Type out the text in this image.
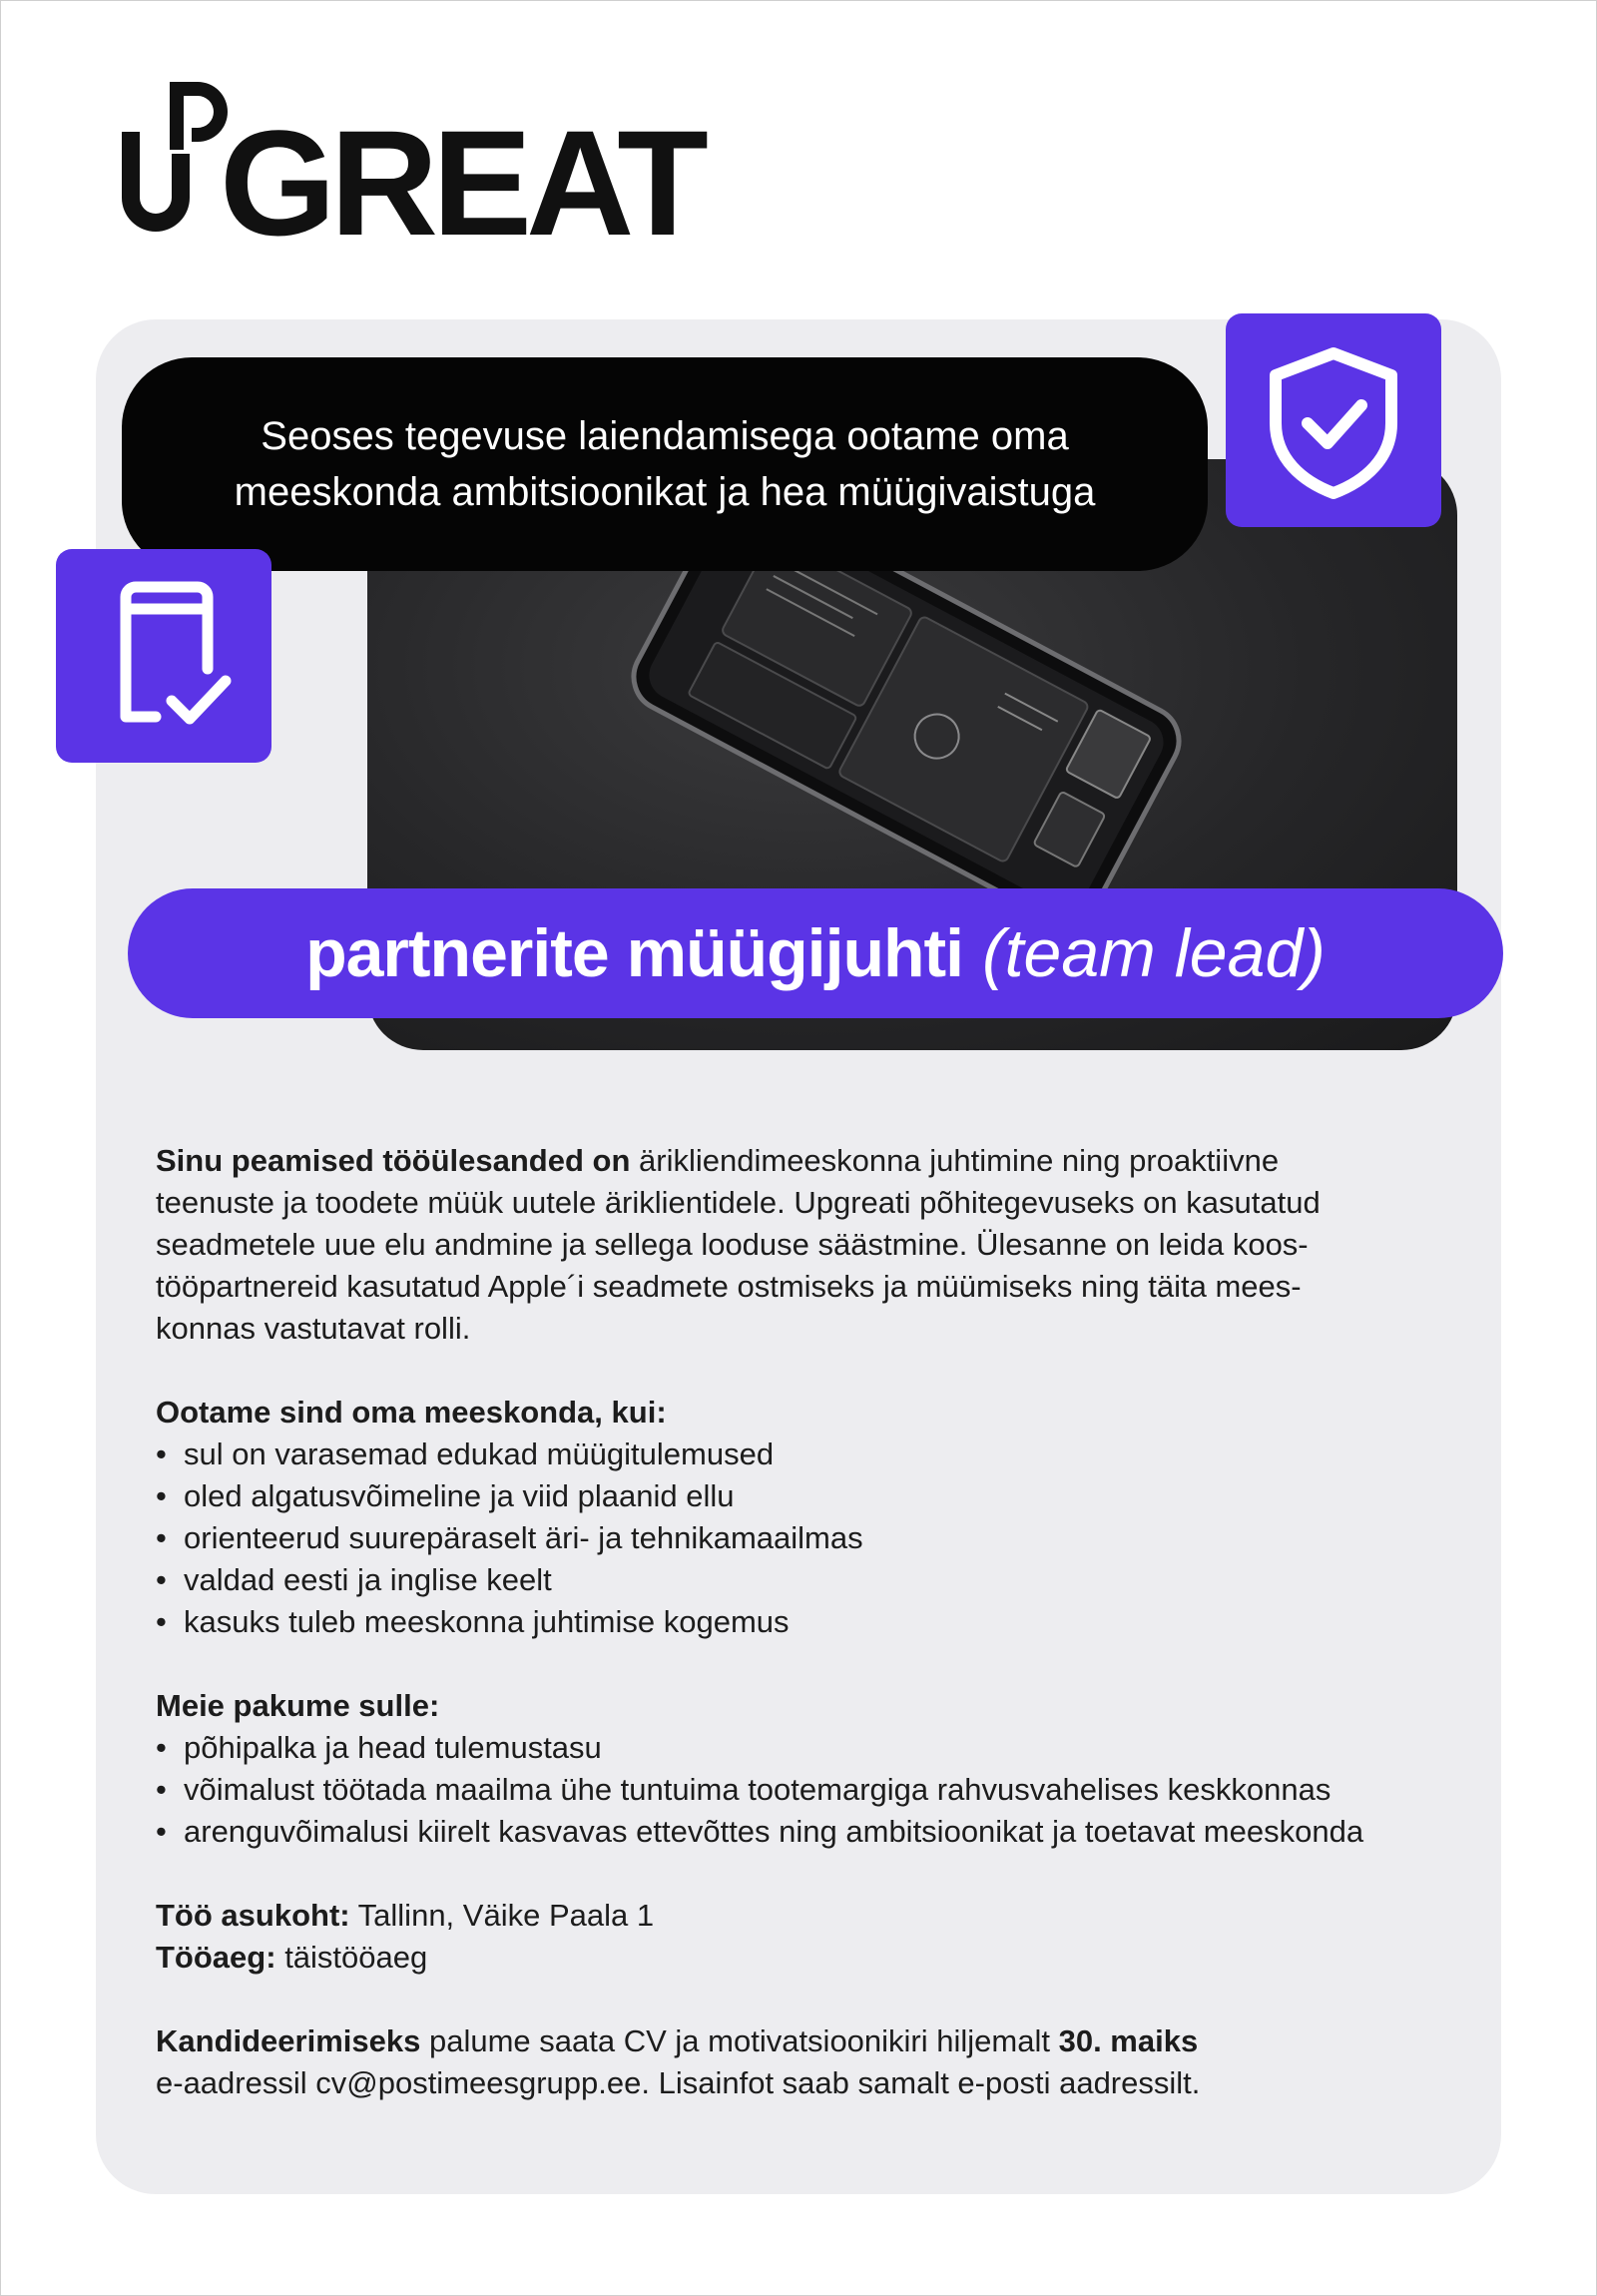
GREAT
Seoses tegevuse laiendamisega ootame oma meeskonda ambitsioonikat ja hea müügivaistuga
partnerite müügijuhti (team lead)

Sinu peamised tööülesanded on ärikliendimeeskonna juhtimine ning proaktiivne
teenuste ja toodete müük uutele äriklientidele. Upgreati põhitegevuseks on kasutatud
seadmetele uue elu andmine ja sellega looduse säästmine. Ülesanne on leida koos-
tööpartnereid kasutatud Apple´i seadmete ostmiseks ja müümiseks ning täita mees-
konnas vastutavat rolli.

Ootame sind oma meeskonda, kui:

• sul on varasemad edukad müügitulemused
• oled algatusvõimeline ja viid plaanid ellu
• orienteerud suurepäraselt äri- ja tehnikamaailmas
• valdad eesti ja inglise keelt
• kasuks tuleb meeskonna juhtimise kogemus

Meie pakume sulle:

• põhipalka ja head tulemustasu
• võimalust töötada maailma ühe tuntuima tootemargiga rahvusvahelises keskkonnas
• arenguvõimalusi kiirelt kasvavas ettevõttes ning ambitsioonikat ja toetavat meeskonda

Töö asukoht: Tallinn, Väike Paala 1

Tööaeg: täistööaeg

Kandideerimiseks palume saata CV ja motivatsioonikiri hiljemalt 30. maiks
e-aadressil cv@postimeesgrupp.ee. Lisainfot saab samalt e-posti aadressilt.
